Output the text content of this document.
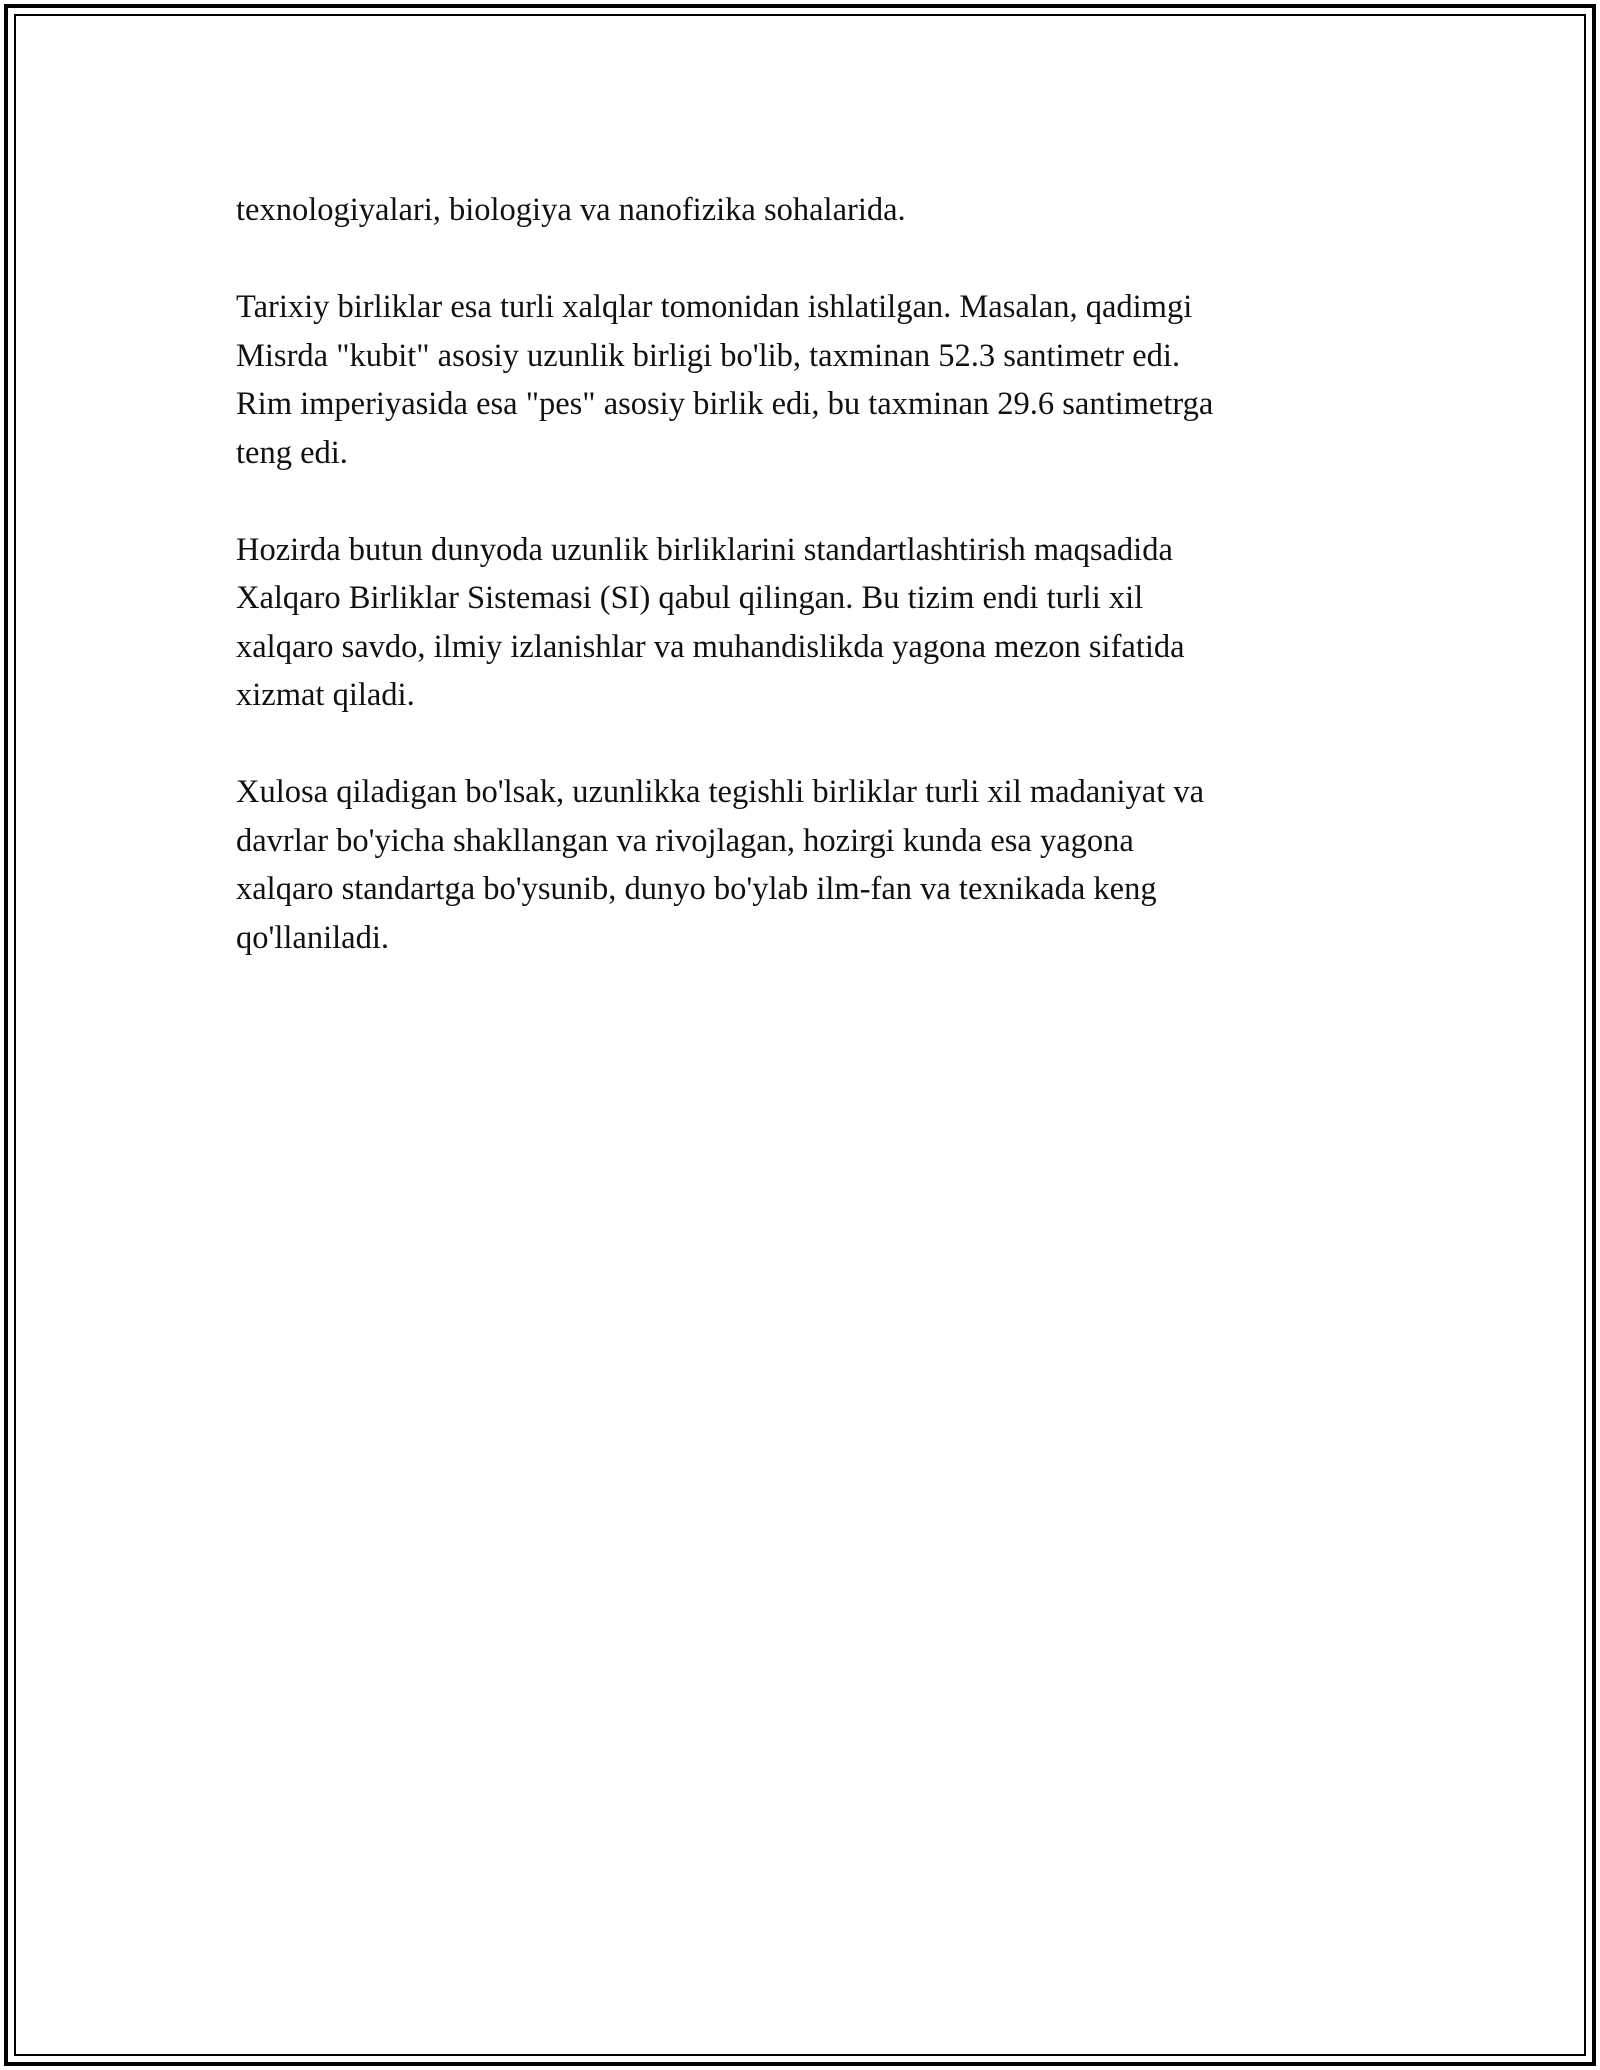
texnologiyalari, biologiya va nanofizika sohalarida.

Tarixiy birliklar esa turli xalqlar tomonidan ishlatilgan. Masalan, qadimgi
Misrda "kubit" asosiy uzunlik birligi bo'lib, taxminan 52.3 santimetr edi.
Rim imperiyasida esa "pes" asosiy birlik edi, bu taxminan 29.6 santimetrga
teng edi.

Hozirda butun dunyoda uzunlik birliklarini standartlashtirish maqsadida
Xalqaro Birliklar Sistemasi (SI) qabul qilingan. Bu tizim endi turli xil
xalqaro savdo, ilmiy izlanishlar va muhandislikda yagona mezon sifatida
xizmat qiladi.

Xulosa qiladigan bo'lsak, uzunlikka tegishli birliklar turli xil madaniyat va
davrlar bo'yicha shakllangan va rivojlagan, hozirgi kunda esa yagona
xalqaro standartga bo'ysunib, dunyo bo'ylab ilm-fan va texnikada keng
qo'llaniladi.
